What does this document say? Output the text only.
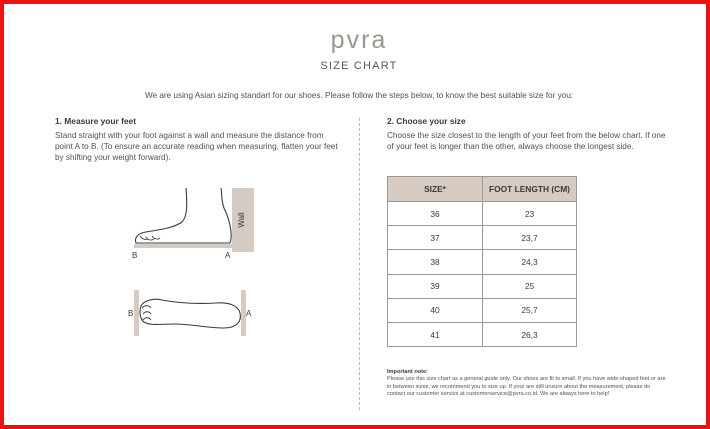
pvra
SIZE CHART
We are using Asian sizing standart for our shoes. Please follow the steps below, to know the best suitable size for you:
1. Measure your feet
Stand straight with your foot against a wall and measure the distance from point A to B. (To ensure an accurate reading when measuring, flatten your feet by shifting your weight forward).
Wall
B	A
B	A
2. Choose your size
Choose the size closest to the length of your feet from the below chart. If one of your feet is longer than the other, always choose the longest side.
SIZE*	FOOT LENGTH (CM)
36	23
37	23,7
38	24,3
39	25
40	25,7
41	26,3
Important note:
Please use this size chart as a general guide only. Our shoes are fit to small. If you have wide-shaped feet or are in between sizes, we recommend you to size up. If your are still unsure about the measurement, please do contact our customer service at customerservice@pvra.co.id. We are always here to help!
